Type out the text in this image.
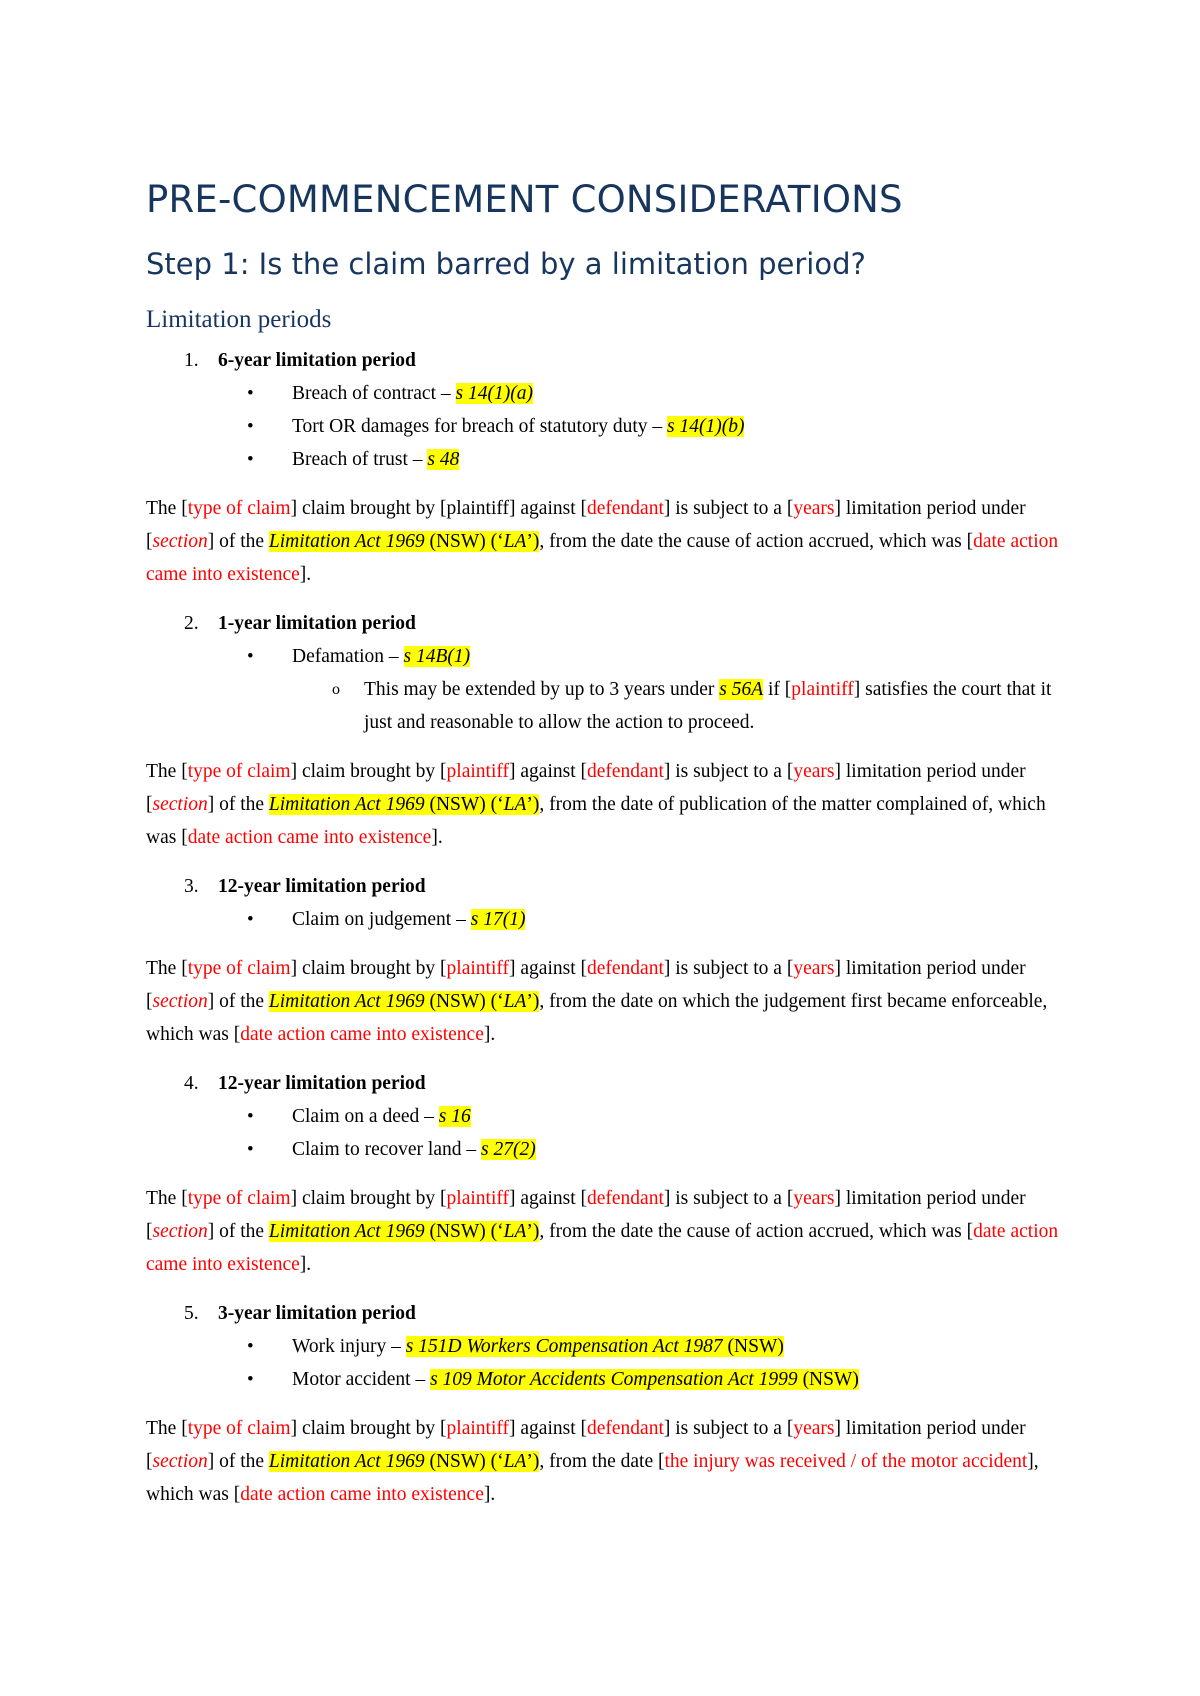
PRE-COMMENCEMENT CONSIDERATIONS
Step 1: Is the claim barred by a limitation period?
Limitation periods
1. 6-year limitation period
• Breach of contract – s 14(1)(a)
• Tort OR damages for breach of statutory duty – s 14(1)(b)
• Breach of trust – s 48

The [type of claim] claim brought by [plaintiff] against [defendant] is subject to a [years] limitation period under [section] of the Limitation Act 1969 (NSW) (‘LA’), from the date the cause of action accrued, which was [date action came into existence].

2. 1-year limitation period
• Defamation – s 14B(1)
o This may be extended by up to 3 years under s 56A if [plaintiff] satisfies the court that it just and reasonable to allow the action to proceed.

The [type of claim] claim brought by [plaintiff] against [defendant] is subject to a [years] limitation period under [section] of the Limitation Act 1969 (NSW) (‘LA’), from the date of publication of the matter complained of, which was [date action came into existence].

3. 12-year limitation period
• Claim on judgement – s 17(1)

The [type of claim] claim brought by [plaintiff] against [defendant] is subject to a [years] limitation period under [section] of the Limitation Act 1969 (NSW) (‘LA’), from the date on which the judgement first became enforceable, which was [date action came into existence].

4. 12-year limitation period
• Claim on a deed – s 16
• Claim to recover land – s 27(2)

The [type of claim] claim brought by [plaintiff] against [defendant] is subject to a [years] limitation period under [section] of the Limitation Act 1969 (NSW) (‘LA’), from the date the cause of action accrued, which was [date action came into existence].

5. 3-year limitation period
• Work injury – s 151D Workers Compensation Act 1987 (NSW)
• Motor accident – s 109 Motor Accidents Compensation Act 1999 (NSW)

The [type of claim] claim brought by [plaintiff] against [defendant] is subject to a [years] limitation period under [section] of the Limitation Act 1969 (NSW) (‘LA’), from the date [the injury was received / of the motor accident], which was [date action came into existence].
